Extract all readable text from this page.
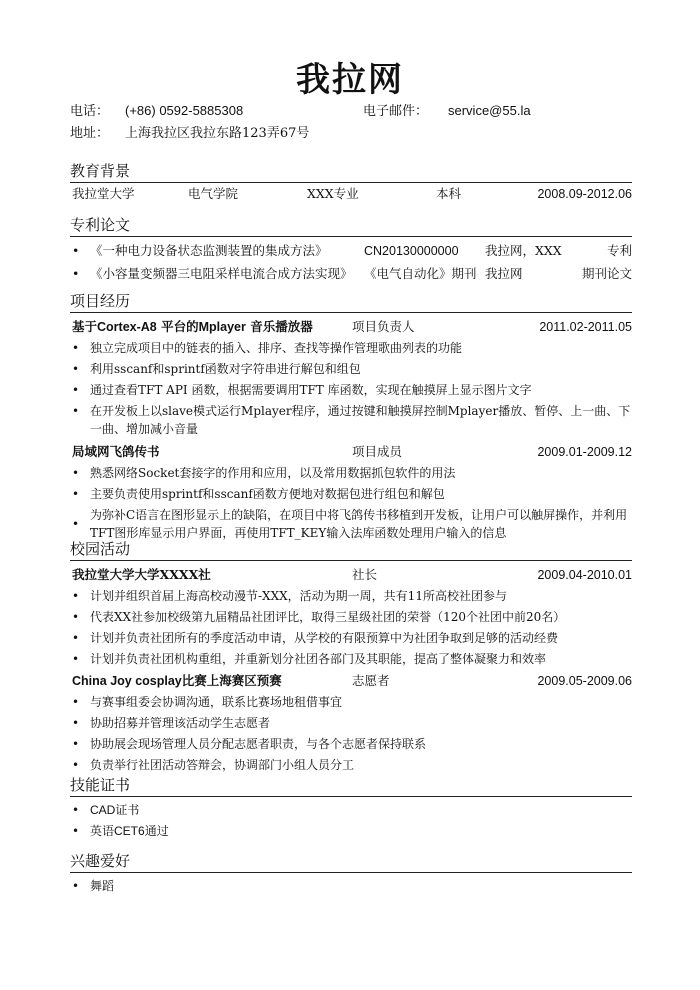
我拉网
电话： (+86) 0592-5885308	电子邮件： service@55.la
地址： 上海我拉区我拉东路123弄67号
教育背景
我拉堂大学	电气学院	XXX专业	本科	2008.09-2012.06
专利论文
• 《一种电力设备状态监测装置的集成方法》	CN20130000000 我拉网，XXX	专利
• 《小容量变频器三电阻采样电流合成方法实现》 《电气自动化》期刊 我拉网	期刊论文
项目经历
基于Cortex-A8 平台的Mplayer 音乐播放器	项目负责人	2011.02-2011.05
• 独立完成项目中的链表的插入、排序、查找等操作管理歌曲列表的功能
• 利用sscanf和sprintf函数对字符串进行解包和组包
• 通过查看TFT API 函数，根据需要调用TFT 库函数，实现在触摸屏上显示图片文字
• 在开发板上以slave模式运行Mplayer程序，通过按键和触摸屏控制Mplayer播放、暂停、上一曲、下一曲、增加减小音量
局域网飞鸽传书	项目成员	2009.01-2009.12
• 熟悉网络Socket套接字的作用和应用，以及常用数据抓包软件的用法
• 主要负责使用sprintf和sscanf函数方便地对数据包进行组包和解包
•
为弥补C语言在图形显示上的缺陷，在项目中将飞鸽传书移植到开发板，让用户可以触屏操作，并利用TFT图形库显示用户界面，再使用TFT_KEY输入法库函数处理用户输入的信息
校园活动
我拉堂大学大学XXXX社	社长	2009.04-2010.01
• 计划并组织首届上海高校动漫节-XXX，活动为期一周，共有11所高校社团参与
• 代表XX社参加校级第九届精品社团评比，取得三星级社团的荣誉（120个社团中前20名）
• 计划并负责社团所有的季度活动申请，从学校的有限预算中为社团争取到足够的活动经费
• 计划并负责社团机构重组，并重新划分社团各部门及其职能，提高了整体凝聚力和效率
China Joy cosplay比赛上海赛区预赛	志愿者	2009.05-2009.06
• 与赛事组委会协调沟通，联系比赛场地租借事宜
• 协助招募并管理该活动学生志愿者
• 协助展会现场管理人员分配志愿者职责，与各个志愿者保持联系
• 负责举行社团活动答辩会，协调部门小组人员分工
技能证书
• CAD证书
• 英语CET6通过
兴趣爱好
• 舞蹈
